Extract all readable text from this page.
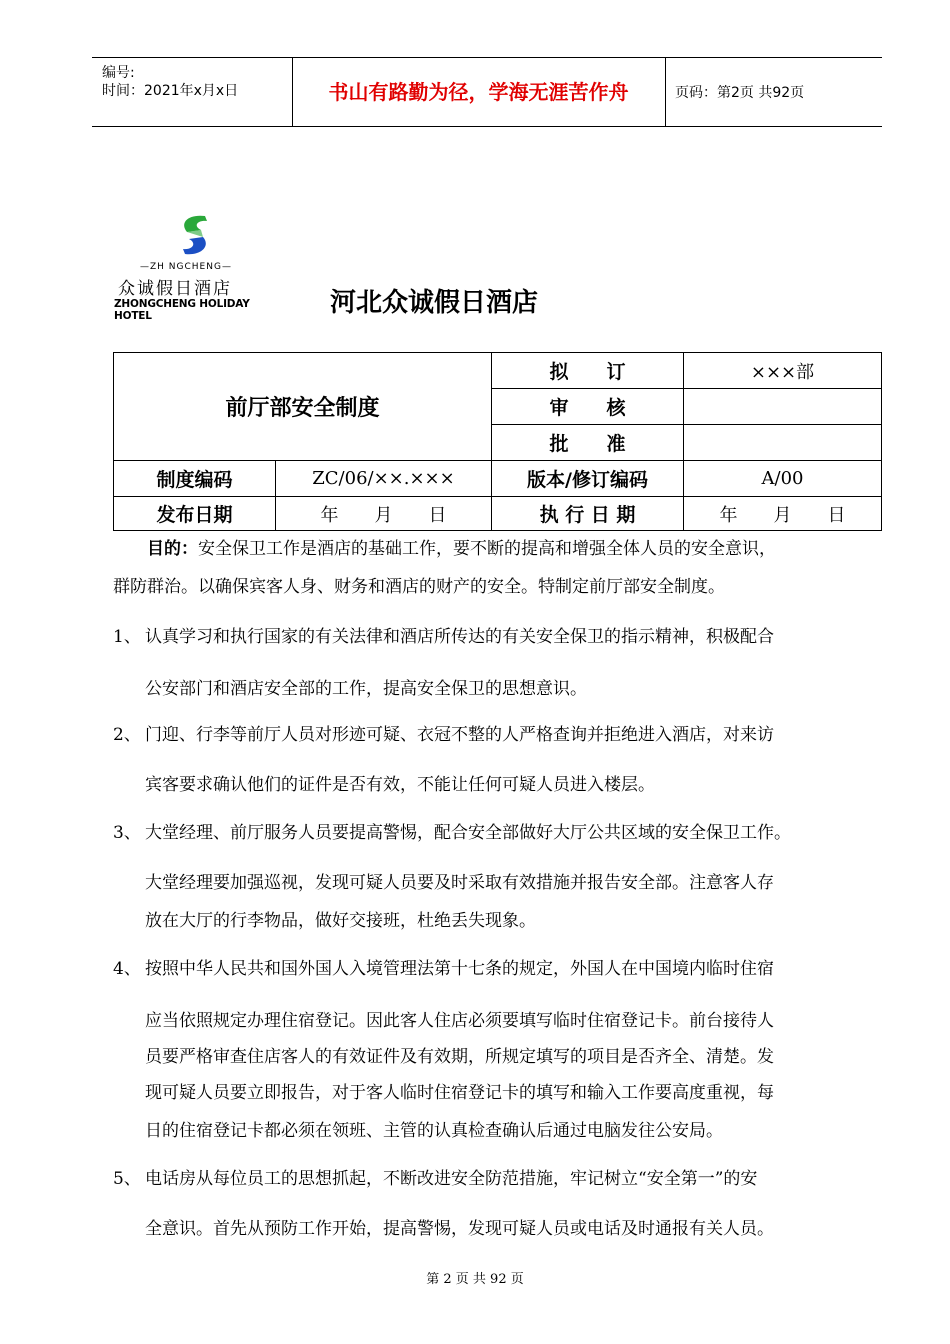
编号:
时间：2021年x月x日	书山有路勤为径，学海无涯苦作舟	页码：第2页 共92页
—ZH NGCHENG—
众诚假日酒店
ZHONGCHENG HOLIDAY HOTEL	河北众诚假日酒店
前厅部安全制度		拟　　订	×××部
		审　　核	
		批　　准	
制度编码	ZC/06/××.×××	版本/修订编码	A/00
发布日期	年　　月　　日	执 行 日 期	年　　月　　日
目的：安全保卫工作是酒店的基础工作，要不断的提高和增强全体人员的安全意识，
群防群治。以确保宾客人身、财务和酒店的财产的安全。特制定前厅部安全制度。
1、 认真学习和执行国家的有关法律和酒店所传达的有关安全保卫的指示精神，积极配合
公安部门和酒店安全部的工作，提高安全保卫的思想意识。
2、 门迎、行李等前厅人员对形迹可疑、衣冠不整的人严格查询并拒绝进入酒店，对来访
宾客要求确认他们的证件是否有效，不能让任何可疑人员进入楼层。
3、 大堂经理、前厅服务人员要提高警惕，配合安全部做好大厅公共区域的安全保卫工作。
大堂经理要加强巡视，发现可疑人员要及时采取有效措施并报告安全部。注意客人存
放在大厅的行李物品，做好交接班，杜绝丢失现象。
4、 按照中华人民共和国外国人入境管理法第十七条的规定，外国人在中国境内临时住宿
应当依照规定办理住宿登记。因此客人住店必须要填写临时住宿登记卡。前台接待人
员要严格审查住店客人的有效证件及有效期，所规定填写的项目是否齐全、清楚。发
现可疑人员要立即报告，对于客人临时住宿登记卡的填写和输入工作要高度重视，每
日的住宿登记卡都必须在领班、主管的认真检查确认后通过电脑发往公安局。
5、 电话房从每位员工的思想抓起，不断改进安全防范措施，牢记树立“安全第一”的安
全意识。首先从预防工作开始，提高警惕，发现可疑人员或电话及时通报有关人员。
第 2 页 共 92 页
